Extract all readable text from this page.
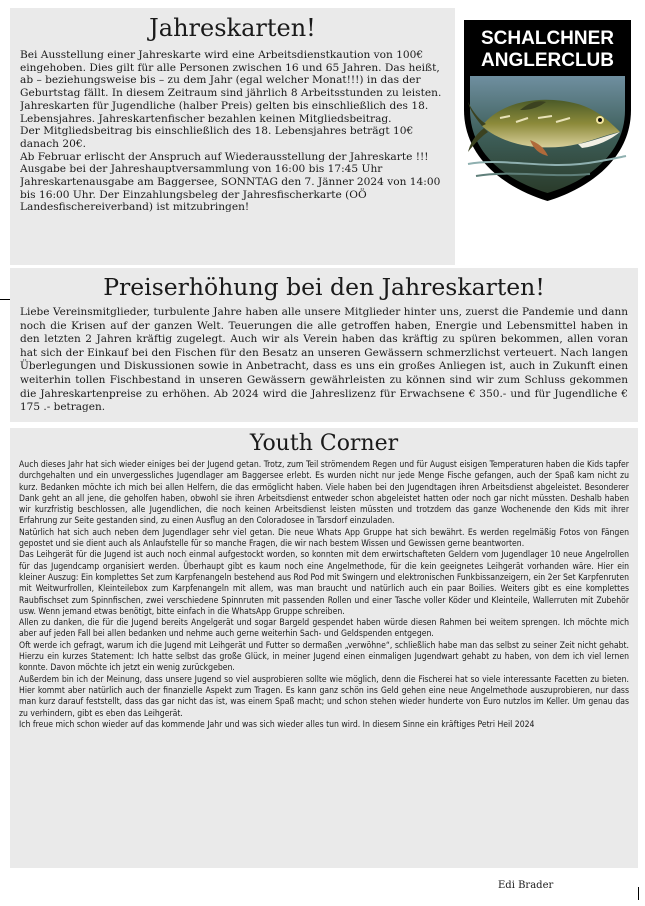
Jahreskarten!

Bei Ausstellung einer Jahreskarte wird eine Arbeitsdienstkaution von 100€ eingehoben. Dies gilt für alle Personen zwischen 16 und 65 Jahren. Das heißt, ab – beziehungsweise bis – zu dem Jahr (egal welcher Monat!!!) in das der Geburtstag fällt. In diesem Zeitraum sind jährlich 8 Arbeitsstunden zu leisten. Jahreskarten für Jugendliche (halber Preis) gelten bis einschließlich des 18. Lebensjahres. Jahreskartenfischer bezahlen keinen Mitgliedsbeitrag.

Der Mitgliedsbeitrag bis einschließlich des 18. Lebensjahres beträgt 10€ danach 20€.

Ab Februar erlischt der Anspruch auf Wiederausstellung der Jahreskarte !!!

Ausgabe bei der Jahreshauptversammlung von 16:00 bis 17:45 Uhr

Jahreskartenausgabe am Baggersee, SONNTAG den 7. Jänner 2024 von 14:00 bis 16:00 Uhr. Der Einzahlungsbeleg der Jahresfischerkarte (OÖ Landesfischereiverband) ist mitzubringen!

SCHALCHNER
ANGLERCLUB
Preiserhöhung bei den Jahreskarten!
Liebe Vereinsmitglieder, turbulente Jahre haben alle unsere Mitglieder hinter uns, zuerst die Pandemie und dann noch die Krisen auf der ganzen Welt. Teuerungen die alle getroffen haben, Energie und Lebensmittel haben in den letzten 2 Jahren kräftig zugelegt. Auch wir als Verein haben das kräftig zu spüren bekommen, allen voran hat sich der Einkauf bei den Fischen für den Besatz an unseren Gewässern schmerzlichst verteuert. Nach langen Überlegungen und Diskussionen sowie in Anbetracht, dass es uns ein großes Anliegen ist, auch in Zukunft einen weiterhin tollen Fischbestand in unseren Gewässern gewährleisten zu können sind wir zum Schluss gekommen die Jahreskartenpreise zu erhöhen. Ab 2024 wird die Jahreslizenz für Erwachsene € 350.- und für Jugendliche € 175 .- betragen.
Youth Corner

Auch dieses Jahr hat sich wieder einiges bei der Jugend getan. Trotz, zum Teil strömendem Regen und für August eisigen Temperaturen haben die Kids tapfer durchgehalten und ein unvergessliches Jugendlager am Baggersee erlebt. Es wurden nicht nur jede Menge Fische gefangen, auch der Spaß kam nicht zu kurz. Bedanken möchte ich mich bei allen Helfern, die das ermöglicht haben. Viele haben bei den Jugendtagen ihren Arbeitsdienst abgeleistet. Besonderer Dank geht an all jene, die geholfen haben, obwohl sie ihren Arbeitsdienst entweder schon abgeleistet hatten oder noch gar nicht müssten. Deshalb haben wir kurzfristig beschlossen, alle Jugendlichen, die noch keinen Arbeitsdienst leisten müssten und trotzdem das ganze Wochenende den Kids mit ihrer Erfahrung zur Seite gestanden sind, zu einen Ausflug an den Coloradosee in Tarsdorf einzuladen.

Natürlich hat sich auch neben dem Jugendlager sehr viel getan. Die neue Whats App Gruppe hat sich bewährt. Es werden regelmäßig Fotos von Fängen gepostet und sie dient auch als Anlaufstelle für so manche Fragen, die wir nach bestem Wissen und Gewissen gerne beantworten.

Das Leihgerät für die Jugend ist auch noch einmal aufgestockt worden, so konnten mit dem erwirtschafteten Geldern vom Jugendlager 10 neue Angelrollen für das Jugendcamp organisiert werden. Überhaupt gibt es kaum noch eine Angelmethode, für die kein geeignetes Leihgerät vorhanden wäre. Hier ein kleiner Auszug: Ein komplettes Set zum Karpfenangeln bestehend aus Rod Pod mit Swingern und elektronischen Funkbissanzeigern, ein 2er Set Karpfenruten mit Weitwurfrollen, Kleinteilebox zum Karpfenangeln mit allem, was man braucht und natürlich auch ein paar Boilies. Weiters gibt es eine komplettes Raubfischset zum Spinnfischen, zwei verschiedene Spinnruten mit passenden Rollen und einer Tasche voller Köder und Kleinteile, Wallerruten mit Zubehör usw. Wenn jemand etwas benötigt, bitte einfach in die WhatsApp Gruppe schreiben.

Allen zu danken, die für die Jugend bereits Angelgerät und sogar Bargeld gespendet haben würde diesen Rahmen bei weitem sprengen. Ich möchte mich aber auf jeden Fall bei allen bedanken und nehme auch gerne weiterhin Sach- und Geldspenden entgegen.

Oft werde ich gefragt, warum ich die Jugend mit Leihgerät und Futter so dermaßen „verwöhne“, schließlich habe man das selbst zu seiner Zeit nicht gehabt. Hierzu ein kurzes Statement: Ich hatte selbst das große Glück, in meiner Jugend einen einmaligen Jugendwart gehabt zu haben, von dem ich viel lernen konnte. Davon möchte ich jetzt ein wenig zurückgeben.

Außerdem bin ich der Meinung, dass unsere Jugend so viel ausprobieren sollte wie möglich, denn die Fischerei hat so viele interessante Facetten zu bieten. Hier kommt aber natürlich auch der finanzielle Aspekt zum Tragen. Es kann ganz schön ins Geld gehen eine neue Angelmethode auszuprobieren, nur dass man kurz darauf feststellt, dass das gar nicht das ist, was einem Spaß macht; und schon stehen wieder hunderte von Euro nutzlos im Keller. Um genau das zu verhindern, gibt es eben das Leihgerät.

Ich freue mich schon wieder auf das kommende Jahr und was sich wieder alles tun wird. In diesem Sinne ein kräftiges Petri Heil 2024

Edi Brader
